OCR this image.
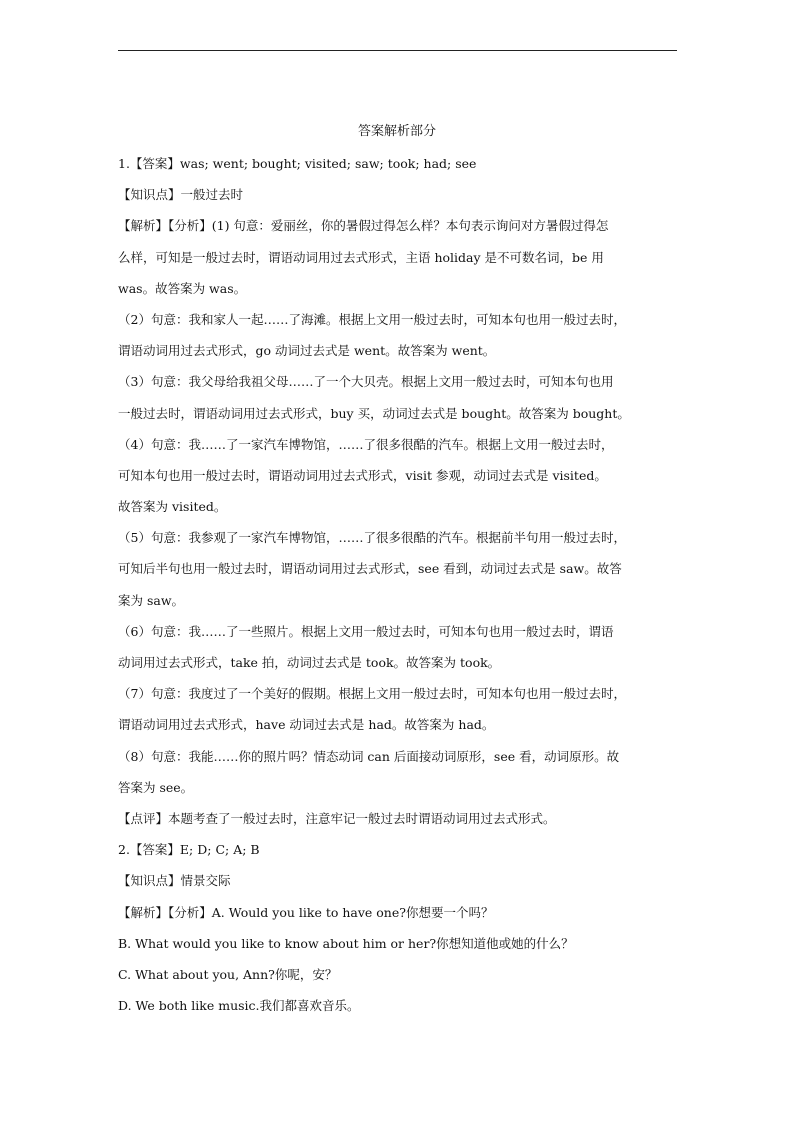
答案解析部分
1.【答案】was; went; bought; visited; saw; took; had; see
【知识点】一般过去时
【解析】【分析】(1) 句意：爱丽丝，你的暑假过得怎么样？本句表示询问对方暑假过得怎
么样，可知是一般过去时，谓语动词用过去式形式，主语 holiday 是不可数名词，be 用
was。故答案为 was。
（2）句意：我和家人一起……了海滩。根据上文用一般过去时，可知本句也用一般过去时，
谓语动词用过去式形式，go 动词过去式是 went。故答案为 went。
（3）句意：我父母给我祖父母……了一个大贝壳。根据上文用一般过去时，可知本句也用
一般过去时，谓语动词用过去式形式，buy 买，动词过去式是 bought。故答案为 bought。
（4）句意：我……了一家汽车博物馆，……了很多很酷的汽车。根据上文用一般过去时，
可知本句也用一般过去时，谓语动词用过去式形式，visit 参观，动词过去式是 visited。
故答案为 visited。
（5）句意：我参观了一家汽车博物馆，……了很多很酷的汽车。根据前半句用一般过去时，
可知后半句也用一般过去时，谓语动词用过去式形式，see 看到，动词过去式是 saw。故答
案为 saw。
（6）句意：我……了一些照片。根据上文用一般过去时，可知本句也用一般过去时，谓语
动词用过去式形式，take 拍，动词过去式是 took。故答案为 took。
（7）句意：我度过了一个美好的假期。根据上文用一般过去时，可知本句也用一般过去时，
谓语动词用过去式形式，have 动词过去式是 had。故答案为 had。
（8）句意：我能……你的照片吗？情态动词 can 后面接动词原形，see 看，动词原形。故
答案为 see。
【点评】本题考查了一般过去时，注意牢记一般过去时谓语动词用过去式形式。
2.【答案】E; D; C; A; B
【知识点】情景交际
【解析】【分析】A. Would you like to have one?你想要一个吗？
B. What would you like to know about him or her?你想知道他或她的什么？
C. What about you, Ann?你呢，安？
D. We both like music.我们都喜欢音乐。
